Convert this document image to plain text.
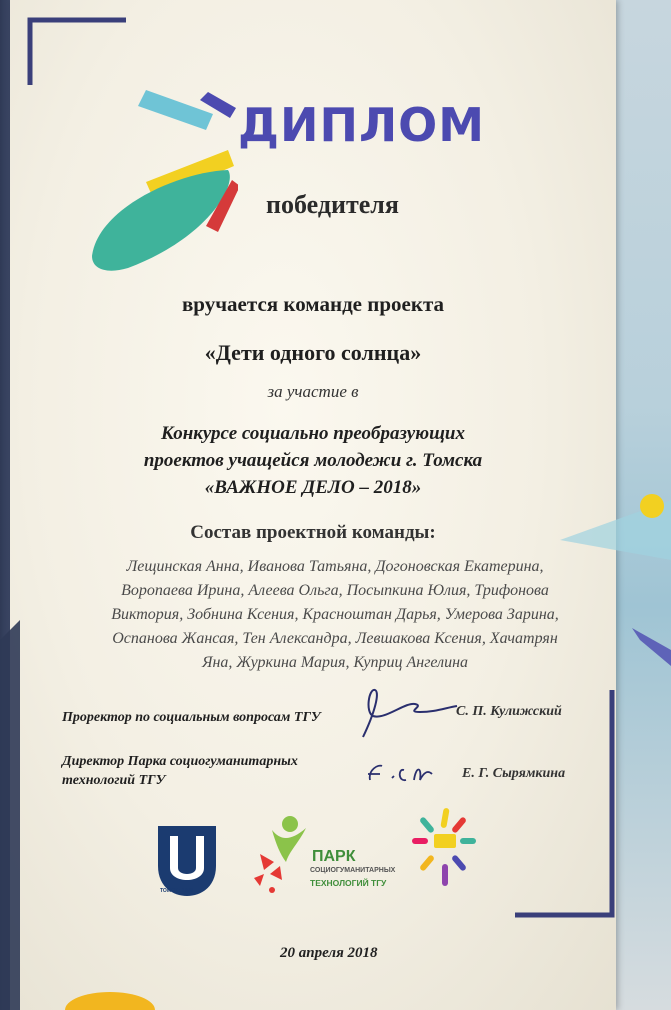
ДИПЛОМ
победителя
вручается команде проекта
«Дети одного солнца»
за участие в
Конкурсе социально преобразующих
проектов учащейся молодежи г. Томска
«ВАЖНОЕ ДЕЛО – 2018»
Состав проектной команды:
Лещинская Анна, Иванова Татьяна, Догоновская Екатерина, Воропаева Ирина, Алеева Ольга, Посыпкина Юлия, Трифонова Виктория, Зобнина Ксения, Красноштан Дарья, Умерова Зарина, Оспанова Жансая, Тен Александра, Левшакова Ксения, Хачатрян Яна, Журкина Мария, Куприц Ангелина
Проректор по социальным вопросам ТГУ	С. П. Кулижский
Директор Парка социогуманитарных
технологий ТГУ	Е. Г. Сырямкина
ТОМСК · 1878
ПАРК
СОЦИОГУМАНИТАРНЫХ
ТЕХНОЛОГИЙ ТГУ
20 апреля 2018
